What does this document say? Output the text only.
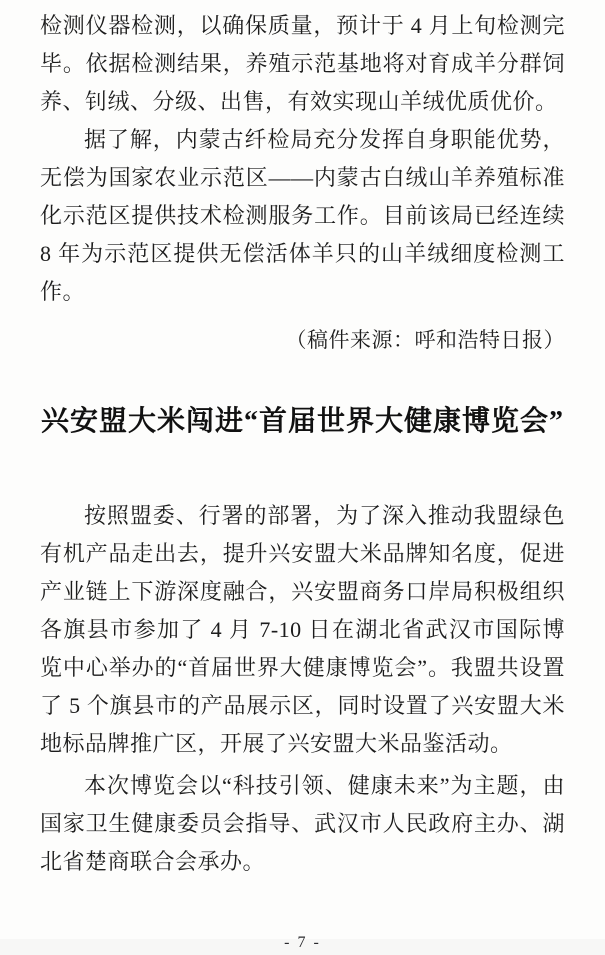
检测仪器检测，以确保质量，预计于 4 月上旬检测完毕。依据检测结果，养殖示范基地将对育成羊分群饲养、钊绒、分级、出售，有效实现山羊绒优质优价。

据了解，内蒙古纤检局充分发挥自身职能优势，无偿为国家农业示范区——内蒙古白绒山羊养殖标准化示范区提供技术检测服务工作。目前该局已经连续 8 年为示范区提供无偿活体羊只的山羊绒细度检测工作。

（稿件来源：呼和浩特日报）

兴安盟大米闯进“首届世界大健康博览会”

按照盟委、行署的部署，为了深入推动我盟绿色有机产品走出去，提升兴安盟大米品牌知名度，促进产业链上下游深度融合，兴安盟商务口岸局积极组织各旗县市参加了 4 月 7-10 日在湖北省武汉市国际博览中心举办的“首届世界大健康博览会”。我盟共设置了 5 个旗县市的产品展示区，同时设置了兴安盟大米地标品牌推广区，开展了兴安盟大米品鉴活动。

本次博览会以“科技引领、健康未来”为主题，由国家卫生健康委员会指导、武汉市人民政府主办、湖北省楚商联合会承办。

- 7 -
